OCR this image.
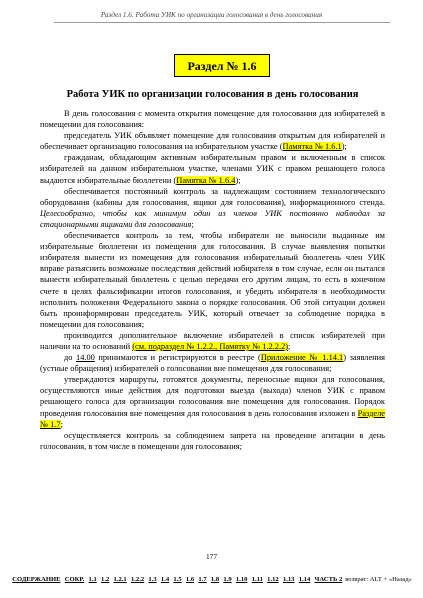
Раздел 1.6. Работа УИК по организации голосования в день голосования
Раздел № 1.6
Работа УИК по организации голосования в день голосования

В день голосования с момента открытия помещение для голосования для избирателей в помещении для голосования:

председатель УИК объявляет помещение для голосования открытым для избирателей и обеспечивает организацию голосования на избирательном участке (Памятка № 1.6.1);

гражданам, обладающим активным избирательным правом и включенным в список избирателей на данном избирательном участке, членами УИК с правом решающего голоса выдаются избирательные бюллетени (Памятка № 1.6.4);

обеспечивается постоянный контроль за надлежащим состоянием технологического оборудования (кабины для голосования, ящики для голосования), информационного стенда. Целесообразно, чтобы как минимум один из членов УИК постоянно наблюдал за стационарными ящиками для голосования;

обеспечивается контроль за тем, чтобы избиратели не выносили выданные им избирательные бюллетени из помещения для голосования. В случае выявления попытки избирателя вынести из помещения для голосования избирательный бюллетень член УИК вправе разъяснить возможные последствия действий избирателя в том случае, если он пытался вынести избирательный бюллетень с целью передачи его другим лицам, то есть в конечном счете в целях фальсификации итогов голосования, и убедить избирателя в необходимости исполнить положения Федерального закона о порядке голосования. Об этой ситуации должен быть проинформирован председатель УИК, который отвечает за соблюдение порядка в помещении для голосования;

производится дополнительное включение избирателей в список избирателей при наличии на то оснований (см. подраздел № 1.2.2., Памятку № 1.2.2.2);

до 14.00 принимаются и регистрируются в реестре (Приложение № 1.14.1) заявления (устные обращения) избирателей о голосовании вне помещения для голосования;

утверждаются маршруты, готовятся документы, переносные ящики для голосования, осуществляются иные действия для подготовки выезда (выхода) членов УИК с правом решающего голоса для организации голосования вне помещения для голосования. Порядок проведения голосования вне помещения для голосования в день голосования изложен в Разделе № 1.7;

осуществляется контроль за соблюдением запрета на проведение агитации в день голосования, в том числе в помещении для голосования;

177
СОДЕРЖАНИЕ СОКР. 1.1 1.2 1.2.1 1.2.2 1.3 1.4 1.5 1.6 1.7 1.8 1.9 1.10 1.11 1.12 1.13 1.14 ЧАСТЬ 2 возврат: ALT + «Назад»
